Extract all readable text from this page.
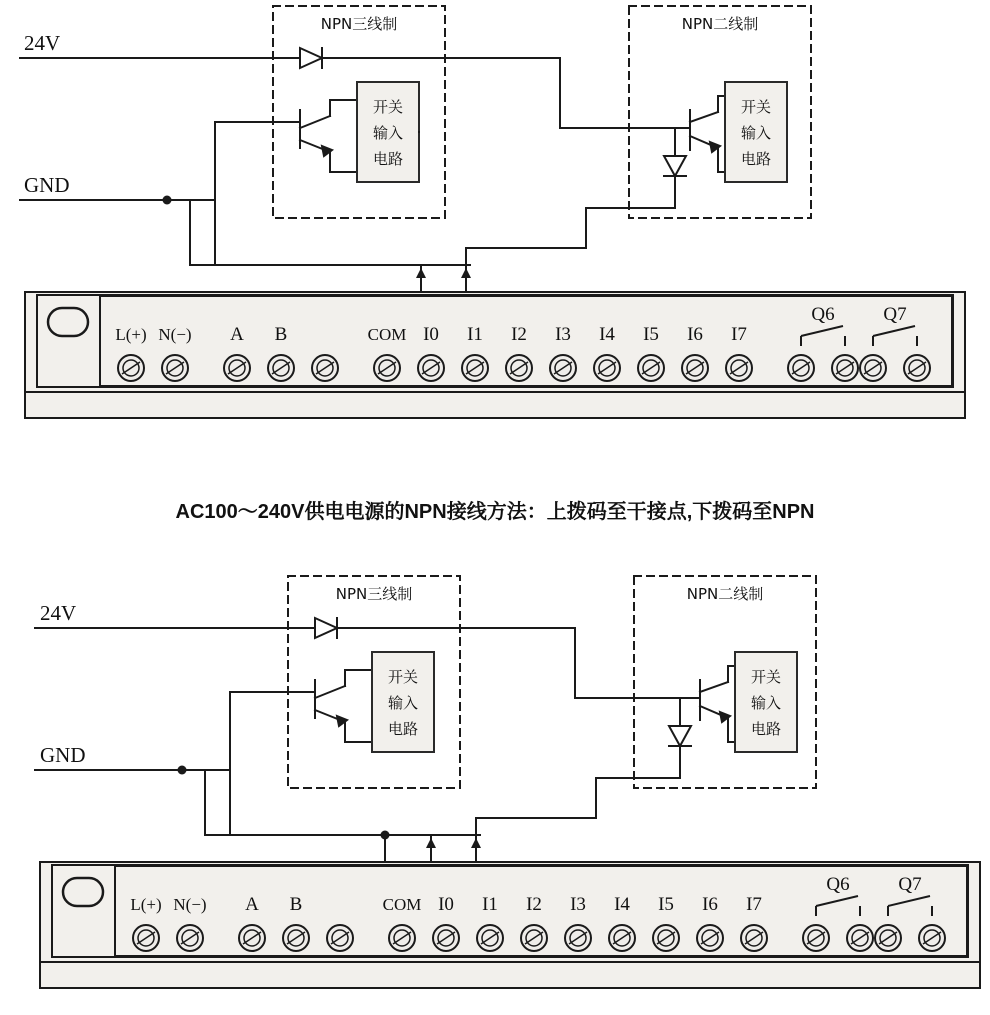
24V
GND
NPN三线制	NPN二线制
开关
输入
电路
开关
输入
电路
L(+) N(−) A B	COM I0 I1 I2 I3 I4 I5 I6 I7
Q6	Q7
AC100～240V供电电源的NPN接线方法：上拨码至干接点,下拨码至NPN
24V
GND
NPN三线制	NPN二线制
开关
输入
电路
开关
输入
电路
L(+) N(−) A B	COM I0 I1 I2 I3 I4 I5 I6 I7
Q6	Q7
